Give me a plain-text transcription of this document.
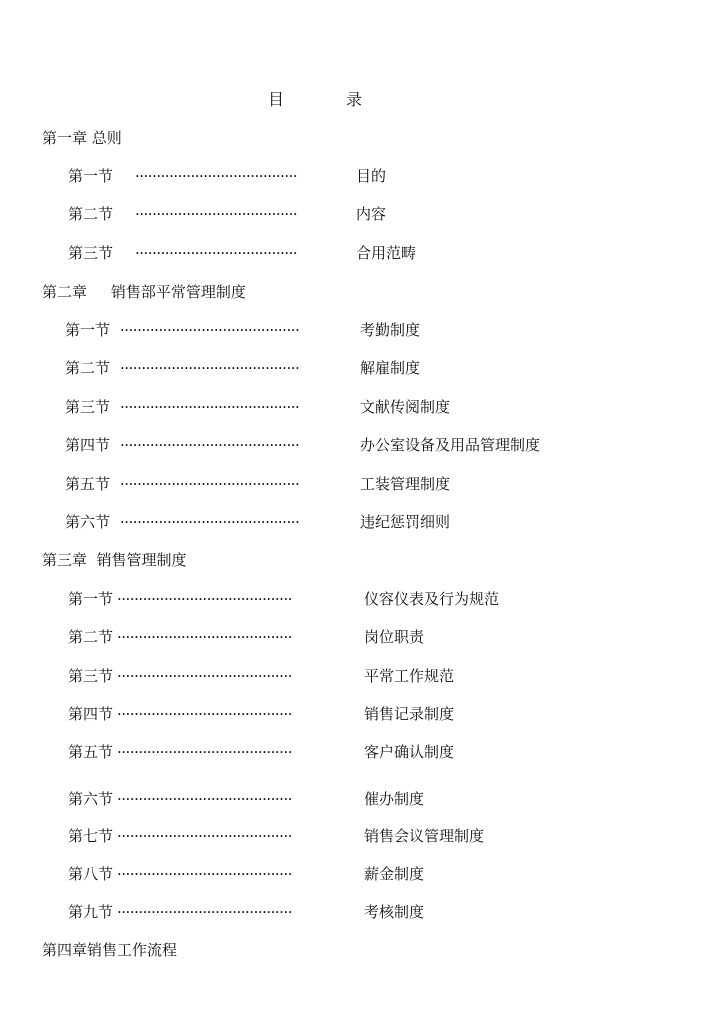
目	录
第一章 总则
第一节 ······································	目的
第二节 ······································	内容
第三节 ······································	合用范畴
第二章     销售部平常管理制度
第一节 ··········································	考勤制度
第二节 ··········································	解雇制度
第三节 ··········································	文献传阅制度
第四节 ··········································	办公室设备及用品管理制度
第五节 ··········································	工装管理制度
第六节 ··········································	违纪惩罚细则
第三章  销售管理制度
第一节 ·········································	仪容仪表及行为规范
第二节 ·········································	岗位职责
第三节 ·········································	平常工作规范
第四节 ·········································	销售记录制度
第五节 ·········································	客户确认制度
第六节 ·········································	催办制度
第七节 ·········································	销售会议管理制度
第八节 ·········································	薪金制度
第九节 ·········································	考核制度
第四章销售工作流程
